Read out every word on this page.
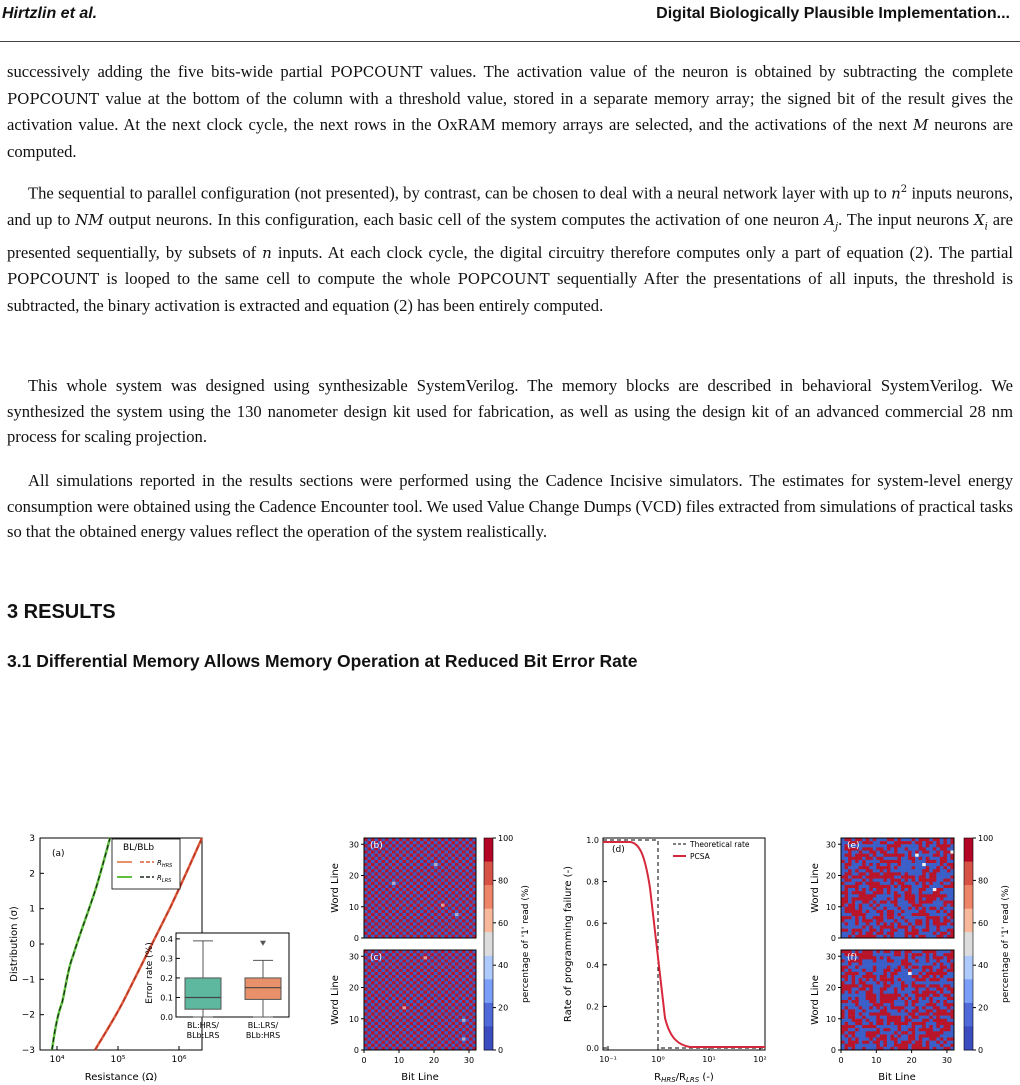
Hirtzlin et al.	Digital Biologically Plausible Implementation...

successively adding the five bits-wide partial POPCOUNT values. The activation value of the neuron is obtained by subtracting the complete POPCOUNT value at the bottom of the column with a threshold value, stored in a separate memory array; the signed bit of the result gives the activation value. At the next clock cycle, the next rows in the OxRAM memory arrays are selected, and the activations of the next M neurons are computed.

The sequential to parallel configuration (not presented), by contrast, can be chosen to deal with a neural network layer with up to $n^2$ inputs neurons, and up to NM output neurons. In this configuration, each basic cell of the system computes the activation of one neuron $A_j$. The input neurons $X_i$ are presented sequentially, by subsets of n inputs. At each clock cycle, the digital circuitry therefore computes only a part of equation (2). The partial POPCOUNT is looped to the same cell to compute the whole POPCOUNT sequentially After the presentations of all inputs, the threshold is subtracted, the binary activation is extracted and equation (2) has been entirely computed.

This whole system was designed using synthesizable SystemVerilog. The memory blocks are described in behavioral SystemVerilog. We synthesized the system using the 130 nanometer design kit used for fabrication, as well as using the design kit of an advanced commercial 28 nm process for scaling projection.

All simulations reported in the results sections were performed using the Cadence Incisive simulators. The estimates for system-level energy consumption were obtained using the Cadence Encounter tool. We used Value Change Dumps (VCD) files extracted from simulations of practical tasks so that the obtained energy values reflect the operation of the system realistically.

3 RESULTS
3.1 Differential Memory Allows Memory Operation at Reduced Bit Error Rate
(a)
3
2
1
0
−1
−2
−3
10⁴	10⁵	10⁶
Distribution (σ)
Resistance (Ω)
BL/BLb
$R_{HRS}$
$R_{LRS}$
0.4
0.3
0.2
0.1
0.0
Error rate (%)
BL:HRS/
BLb:LRS
BL:LRS/
BLb:HRS
(b)
(c)
0
10
20
30
0
10
20
30
0	10	20	30
Word Line
Word Line
Bit Line
100
80
60
40
20
0
percentage of '1' read (%)
(d)
1.0
0.8
0.6
0.4
0.2
0.0
10⁻¹	10⁰	10¹	10²
Rate of programming failure (-)
$R_{HRS}/R_{LRS}$ (-)
Theoretical rate
PCSA
(e)
(f)
0
10
20
30
0
10
20
30
0	10	20	30
Word Line
Word Line
Bit Line
100
80
60
40
20
0
percentage of '1' read (%)
